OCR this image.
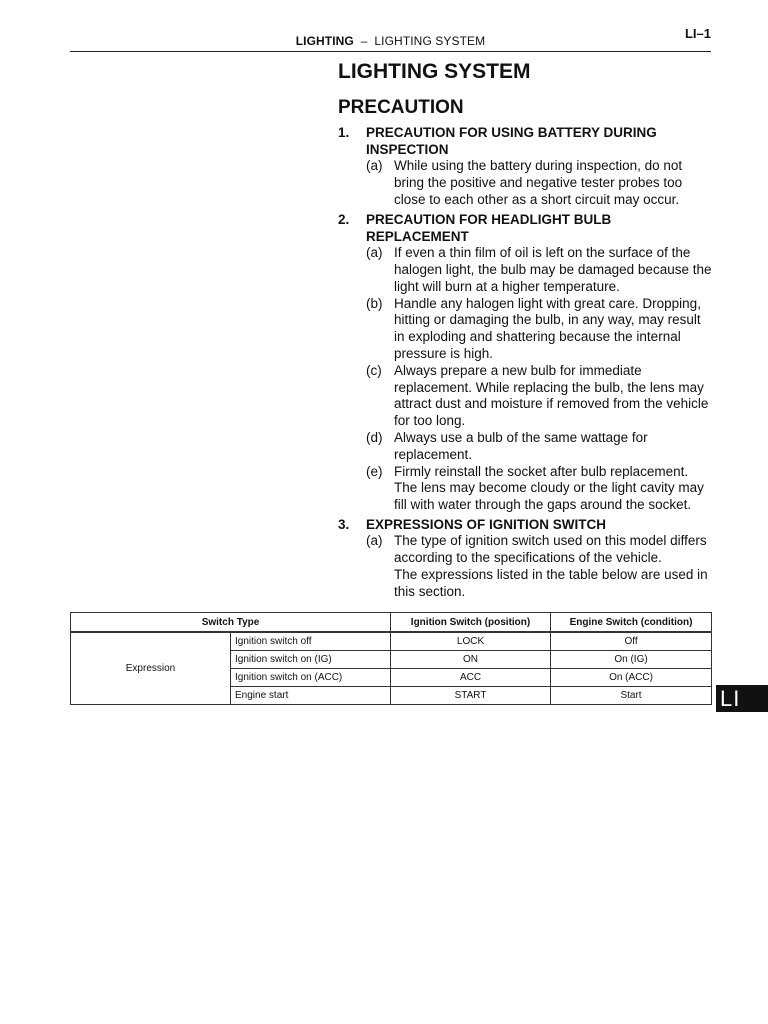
LIGHTING – LIGHTING SYSTEM	LI–1
LIGHTING SYSTEM
PRECAUTION
1.	PRECAUTION FOR USING BATTERY DURING INSPECTION
(a) While using the battery during inspection, do not bring the positive and negative tester probes too close to each other as a short circuit may occur.
2.	PRECAUTION FOR HEADLIGHT BULB REPLACEMENT
(a) If even a thin film of oil is left on the surface of the halogen light, the bulb may be damaged because the light will burn at a higher temperature.
(b) Handle any halogen light with great care. Dropping, hitting or damaging the bulb, in any way, may result in exploding and shattering because the internal pressure is high.
(c) Always prepare a new bulb for immediate replacement. While replacing the bulb, the lens may attract dust and moisture if removed from the vehicle for too long.
(d) Always use a bulb of the same wattage for replacement.
(e) Firmly reinstall the socket after bulb replacement. The lens may become cloudy or the light cavity may fill with water through the gaps around the socket.
3.	EXPRESSIONS OF IGNITION SWITCH
(a) The type of ignition switch used on this model differs according to the specifications of the vehicle.
The expressions listed in the table below are used in this section.
Switch Type		Ignition Switch (position)	Engine Switch (condition)
Expression	Ignition switch off	LOCK	Off
	Ignition switch on (IG)	ON	On (IG)
	Ignition switch on (ACC)	ACC	On (ACC)
	Engine start	START	Start	LI
